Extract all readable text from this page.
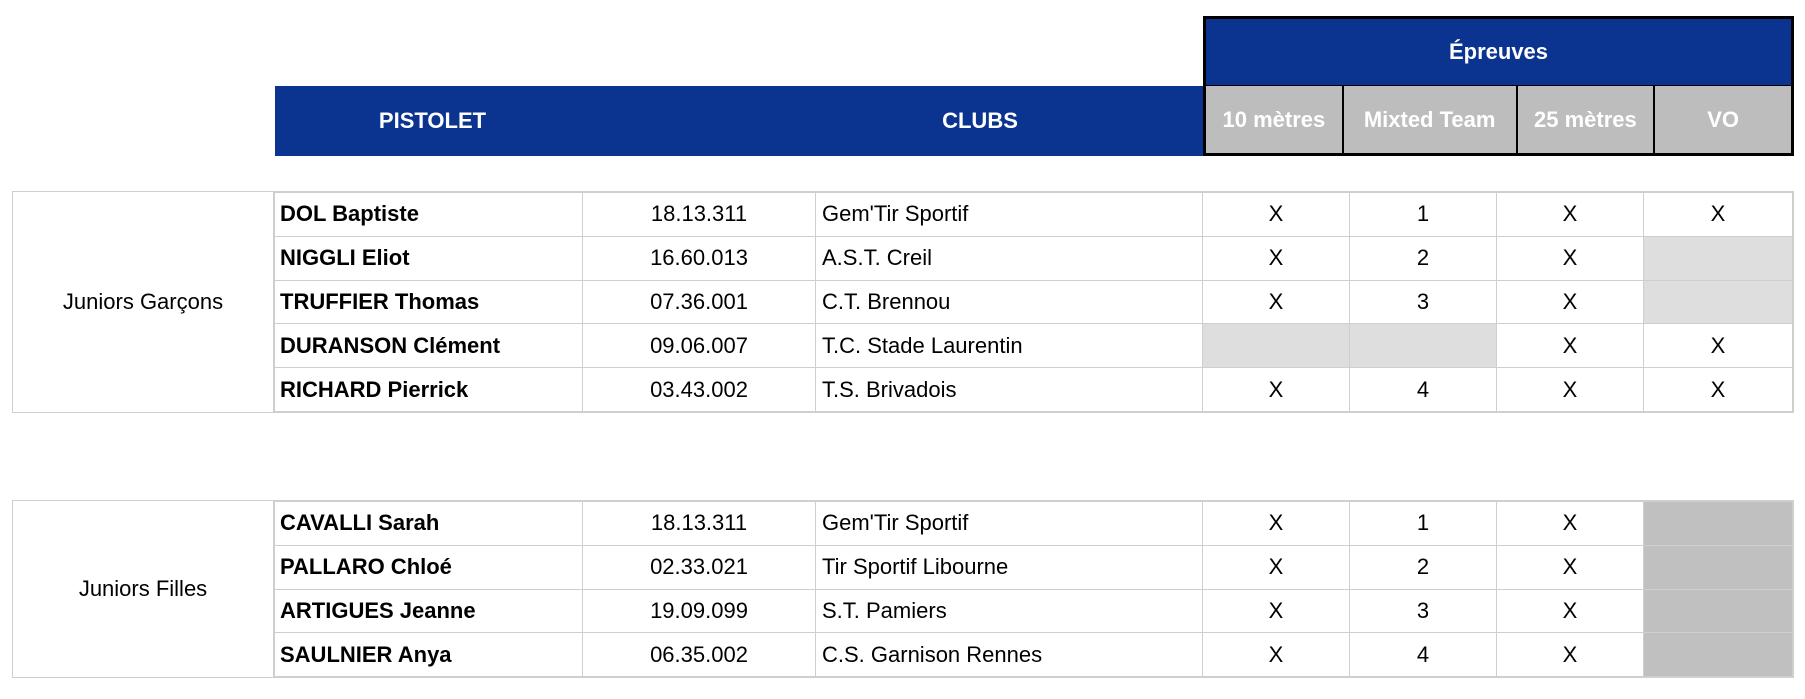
PISTOLET	CLUBS
Épreuves
10 mètres	Mixted Team	25 mètres	VO
Juniors Garçons
DOL Baptiste	18.13.311	Gem'Tir Sportif	X	1	X	X
NIGGLI Eliot	16.60.013	A.S.T. Creil	X	2	X	
TRUFFIER Thomas	07.36.001	C.T. Brennou	X	3	X	
DURANSON Clément	09.06.007	T.C. Stade Laurentin			X	X
RICHARD Pierrick	03.43.002	T.S. Brivadois	X	4	X	X
Juniors Filles
CAVALLI Sarah	18.13.311	Gem'Tir Sportif	X	1	X	
PALLARO Chloé	02.33.021	Tir Sportif Libourne	X	2	X	
ARTIGUES Jeanne	19.09.099	S.T. Pamiers	X	3	X	
SAULNIER Anya	06.35.002	C.S. Garnison Rennes	X	4	X	
